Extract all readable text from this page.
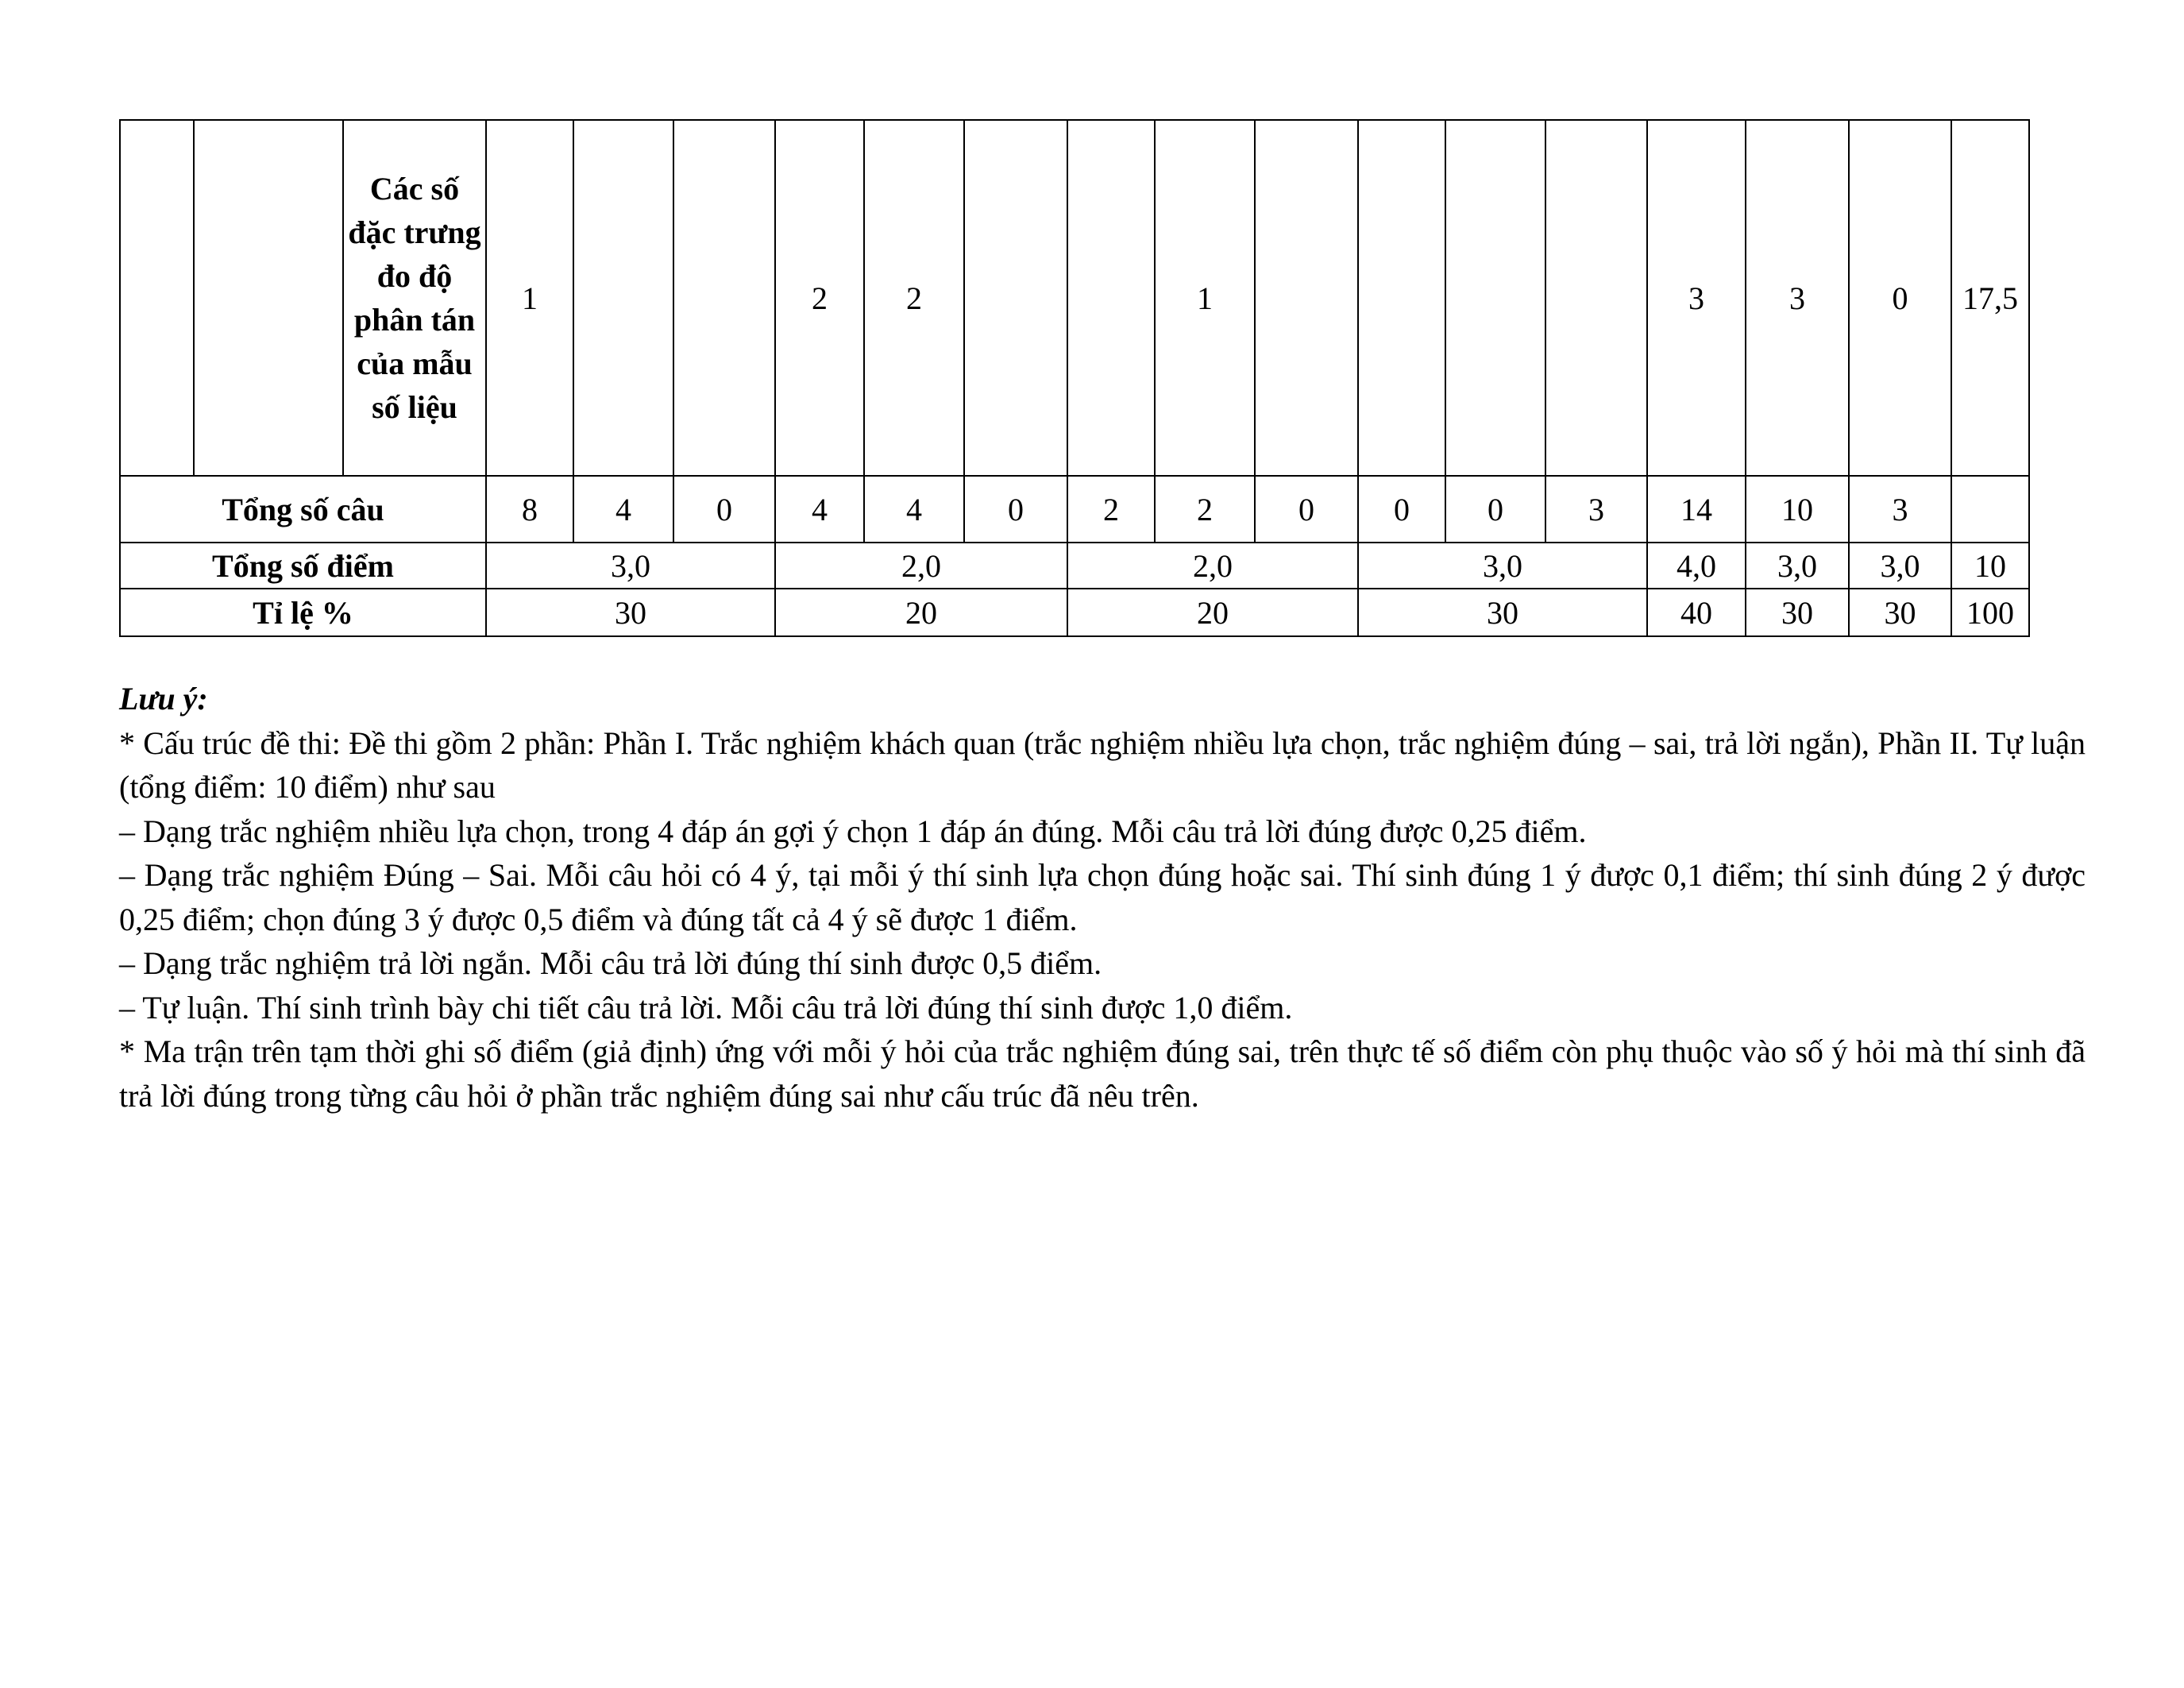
		Các số đặc trưng đo độ phân tán của mẫu số liệu	1			2	2			1					3	3	0	17,5
Tổng số câu			8	4	0	4	4	0	2	2	0	0	0	3	14	10	3	
Tổng số điểm			3,0			2,0			2,0			3,0			4,0	3,0	3,0	10
Tỉ lệ %			30			20			20			30			40	30	30	100

Lưu ý:

* Cấu trúc đề thi: Đề thi gồm 2 phần: Phần I. Trắc nghiệm khách quan (trắc nghiệm nhiều lựa chọn, trắc nghiệm đúng – sai, trả lời ngắn), Phần II. Tự luận (tổng điểm: 10 điểm) như sau

– Dạng trắc nghiệm nhiều lựa chọn, trong 4 đáp án gợi ý chọn 1 đáp án đúng. Mỗi câu trả lời đúng được 0,25 điểm.

– Dạng trắc nghiệm Đúng – Sai. Mỗi câu hỏi có 4 ý, tại mỗi ý thí sinh lựa chọn đúng hoặc sai. Thí sinh đúng 1 ý được 0,1 điểm; thí sinh đúng 2 ý được 0,25 điểm; chọn đúng 3 ý được 0,5 điểm và đúng tất cả 4 ý sẽ được 1 điểm.

– Dạng trắc nghiệm trả lời ngắn. Mỗi câu trả lời đúng thí sinh được 0,5 điểm.

– Tự luận. Thí sinh trình bày chi tiết câu trả lời. Mỗi câu trả lời đúng thí sinh được 1,0 điểm.

* Ma trận trên tạm thời ghi số điểm (giả định) ứng với mỗi ý hỏi của trắc nghiệm đúng sai, trên thực tế số điểm còn phụ thuộc vào số ý hỏi mà thí sinh đã trả lời đúng trong từng câu hỏi ở phần trắc nghiệm đúng sai như cấu trúc đã nêu trên.
